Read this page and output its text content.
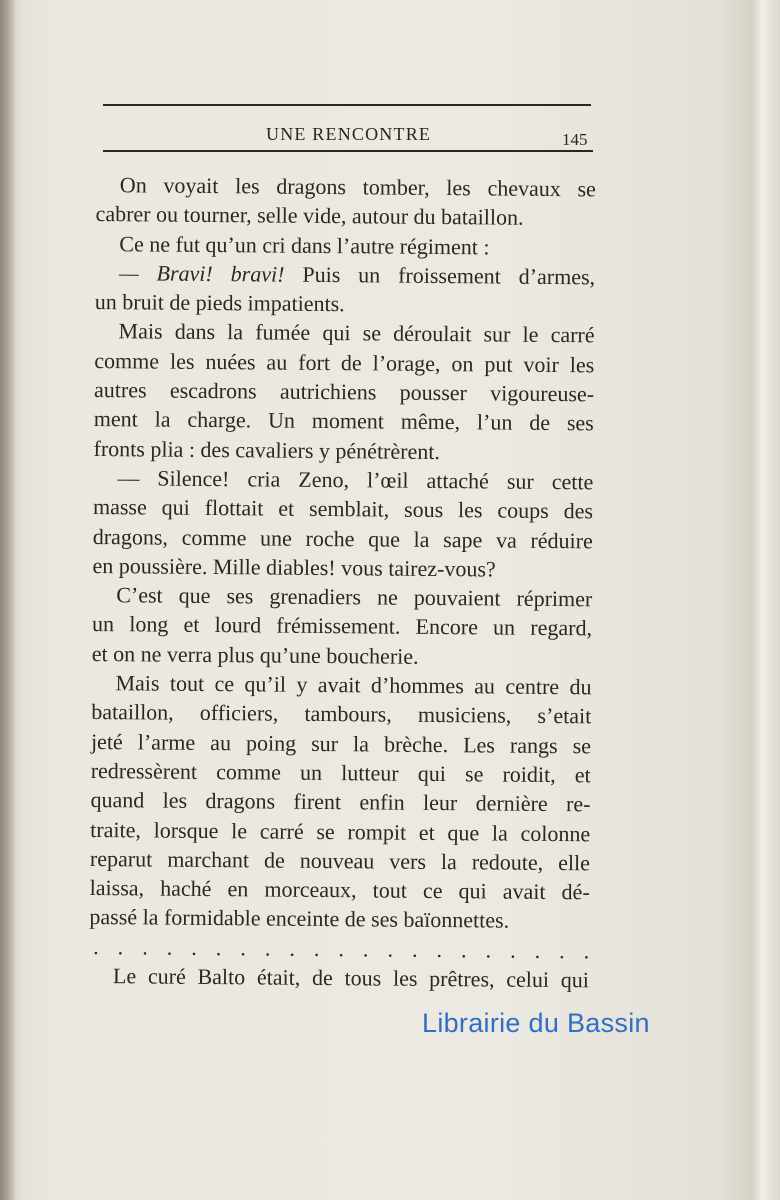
UNE RENCONTRE	145
On voyait les dragons tomber, les chevaux se
cabrer ou tourner, selle vide, autour du bataillon.
Ce ne fut qu’un cri dans l’autre régiment :
— Bravi! bravi! Puis un froissement d’armes,
un bruit de pieds impatients.
Mais dans la fumée qui se déroulait sur le carré
comme les nuées au fort de l’orage, on put voir les
autres escadrons autrichiens pousser vigoureuse-
ment la charge. Un moment même, l’un de ses
fronts plia : des cavaliers y pénétrèrent.
— Silence! cria Zeno, l’œil attaché sur cette
masse qui flottait et semblait, sous les coups des
dragons, comme une roche que la sape va réduire
en poussière. Mille diables! vous tairez-vous?
C’est que ses grenadiers ne pouvaient réprimer
un long et lourd frémissement. Encore un regard,
et on ne verra plus qu’une boucherie.
Mais tout ce qu’il y avait d’hommes au centre du
bataillon, officiers, tambours, musiciens, s’etait
jeté l’arme au poing sur la brèche. Les rangs se
redressèrent comme un lutteur qui se roidit, et
quand les dragons firent enfin leur dernière re-
traite, lorsque le carré se rompit et que la colonne
reparut marchant de nouveau vers la redoute, elle
laissa, haché en morceaux, tout ce qui avait dé-
passé la formidable enceinte de ses baïonnettes.
. . . . . . . . . . . . . . . . . . . . .
Le curé Balto était, de tous les prêtres, celui qui
Librairie du Bassin
